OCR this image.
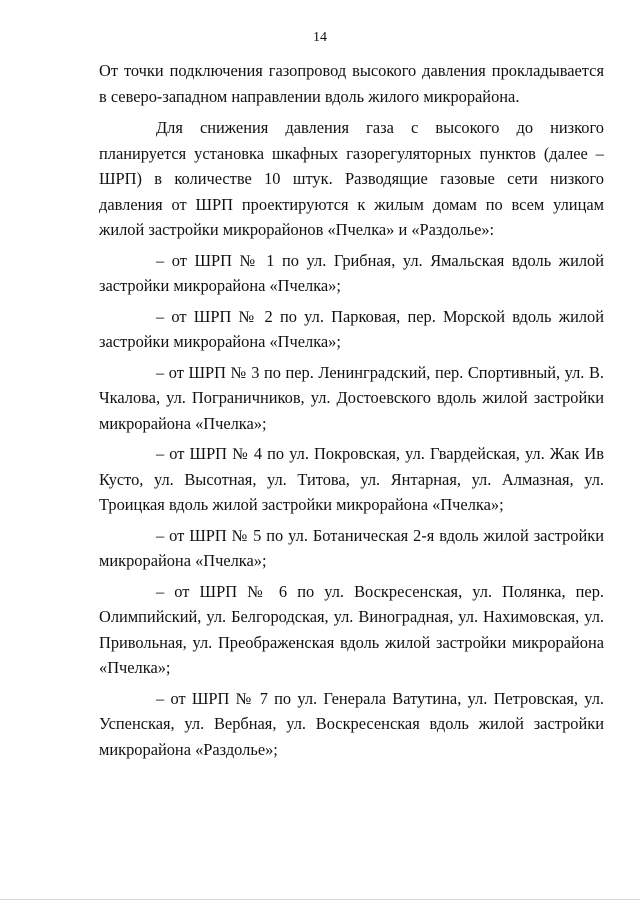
14

От точки подключения газопровод высокого давления прокладывается в северо-западном направлении вдоль жилого микрорайона.

Для снижения давления газа с высокого до низкого планируется установка шкафных газорегуляторных пунктов (далее – ШРП) в количестве 10 штук. Разводящие газовые сети низкого давления от ШРП проектируются к жилым домам по всем улицам жилой застройки микрорайонов «Пчелка» и «Раздолье»:

– от ШРП № 1 по ул. Грибная, ул. Ямальская вдоль жилой застройки микрорайона «Пчелка»;

– от ШРП № 2 по ул. Парковая, пер. Морской вдоль жилой застройки микрорайона «Пчелка»;

– от ШРП № 3 по пер. Ленинградский, пер. Спортивный, ул. В. Чкалова, ул. Пограничников, ул. Достоевского вдоль жилой застройки микрорайона «Пчелка»;

– от ШРП № 4 по ул. Покровская, ул. Гвардейская, ул. Жак Ив Кусто, ул. Высотная, ул. Титова, ул. Янтарная, ул. Алмазная, ул. Троицкая вдоль жилой застройки микрорайона «Пчелка»;

– от ШРП № 5 по ул. Ботаническая 2-я вдоль жилой застройки микрорайона «Пчелка»;

– от ШРП № 6 по ул. Воскресенская, ул. Полянка, пер. Олимпийский, ул. Белгородская, ул. Виноградная, ул. Нахимовская, ул. Привольная, ул. Преображенская вдоль жилой застройки микрорайона «Пчелка»;

– от ШРП № 7 по ул. Генерала Ватутина, ул. Петровская, ул. Успенская, ул. Вербная, ул. Воскресенская вдоль жилой застройки микрорайона «Раздолье»;
